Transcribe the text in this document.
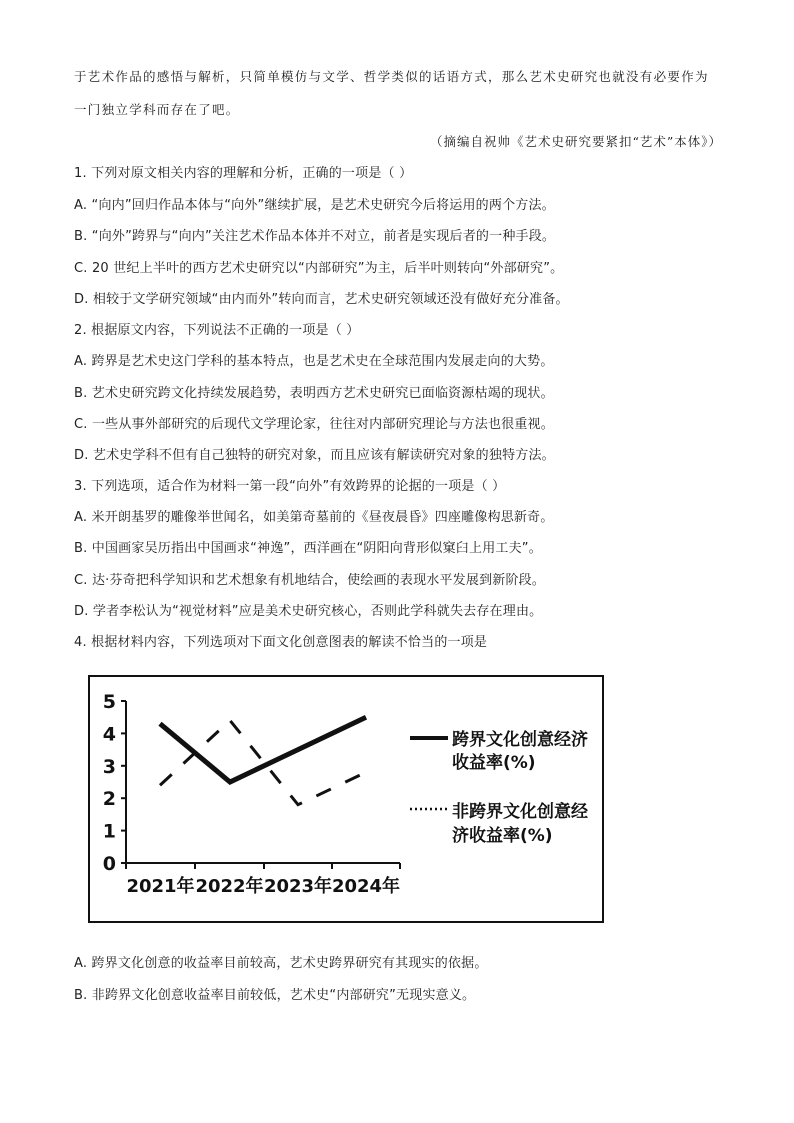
于艺术作品的感悟与解析，只简单模仿与文学、哲学类似的话语方式，那么艺术史研究也就没有必要作为
一门独立学科而存在了吧。
（摘编自祝帅《艺术史研究要紧扣“艺术”本体》）
1. 下列对原文相关内容的理解和分析，正确的一项是（ ）
A. “向内”回归作品本体与“向外”继续扩展，是艺术史研究今后将运用的两个方法。
B. “向外”跨界与“向内”关注艺术作品本体并不对立，前者是实现后者的一种手段。
C. 20 世纪上半叶的西方艺术史研究以“内部研究”为主，后半叶则转向“外部研究”。
D. 相较于文学研究领域“由内而外”转向而言，艺术史研究领域还没有做好充分准备。
2. 根据原文内容，下列说法不正确的一项是（ ）
A. 跨界是艺术史这门学科的基本特点，也是艺术史在全球范围内发展走向的大势。
B. 艺术史研究跨文化持续发展趋势，表明西方艺术史研究已面临资源枯竭的现状。
C. 一些从事外部研究的后现代文学理论家，往往对内部研究理论与方法也很重视。
D. 艺术史学科不但有自己独特的研究对象，而且应该有解读研究对象的独特方法。
3. 下列选项，适合作为材料一第一段“向外”有效跨界的论据的一项是（ ）
A. 米开朗基罗的雕像举世闻名，如美第奇墓前的《昼夜晨昏》四座雕像构思新奇。
B. 中国画家吴历指出中国画求“神逸”，西洋画在“阴阳向背形似窠臼上用工夫”。
C. 达·芬奇把科学知识和艺术想象有机地结合，使绘画的表现水平发展到新阶段。
D. 学者李松认为“视觉材料”应是美术史研究核心，否则此学科就失去存在理由。
4. 根据材料内容，下列选项对下面文化创意图表的解读不恰当的一项是
5
4
3
2
1
0
2021年 2022年 2023年 2024年
跨界文化创意经济
收益率(%)
非跨界文化创意经
济收益率(%)
A. 跨界文化创意的收益率目前较高，艺术史跨界研究有其现实的依据。
B. 非跨界文化创意收益率目前较低，艺术史“内部研究”无现实意义。
